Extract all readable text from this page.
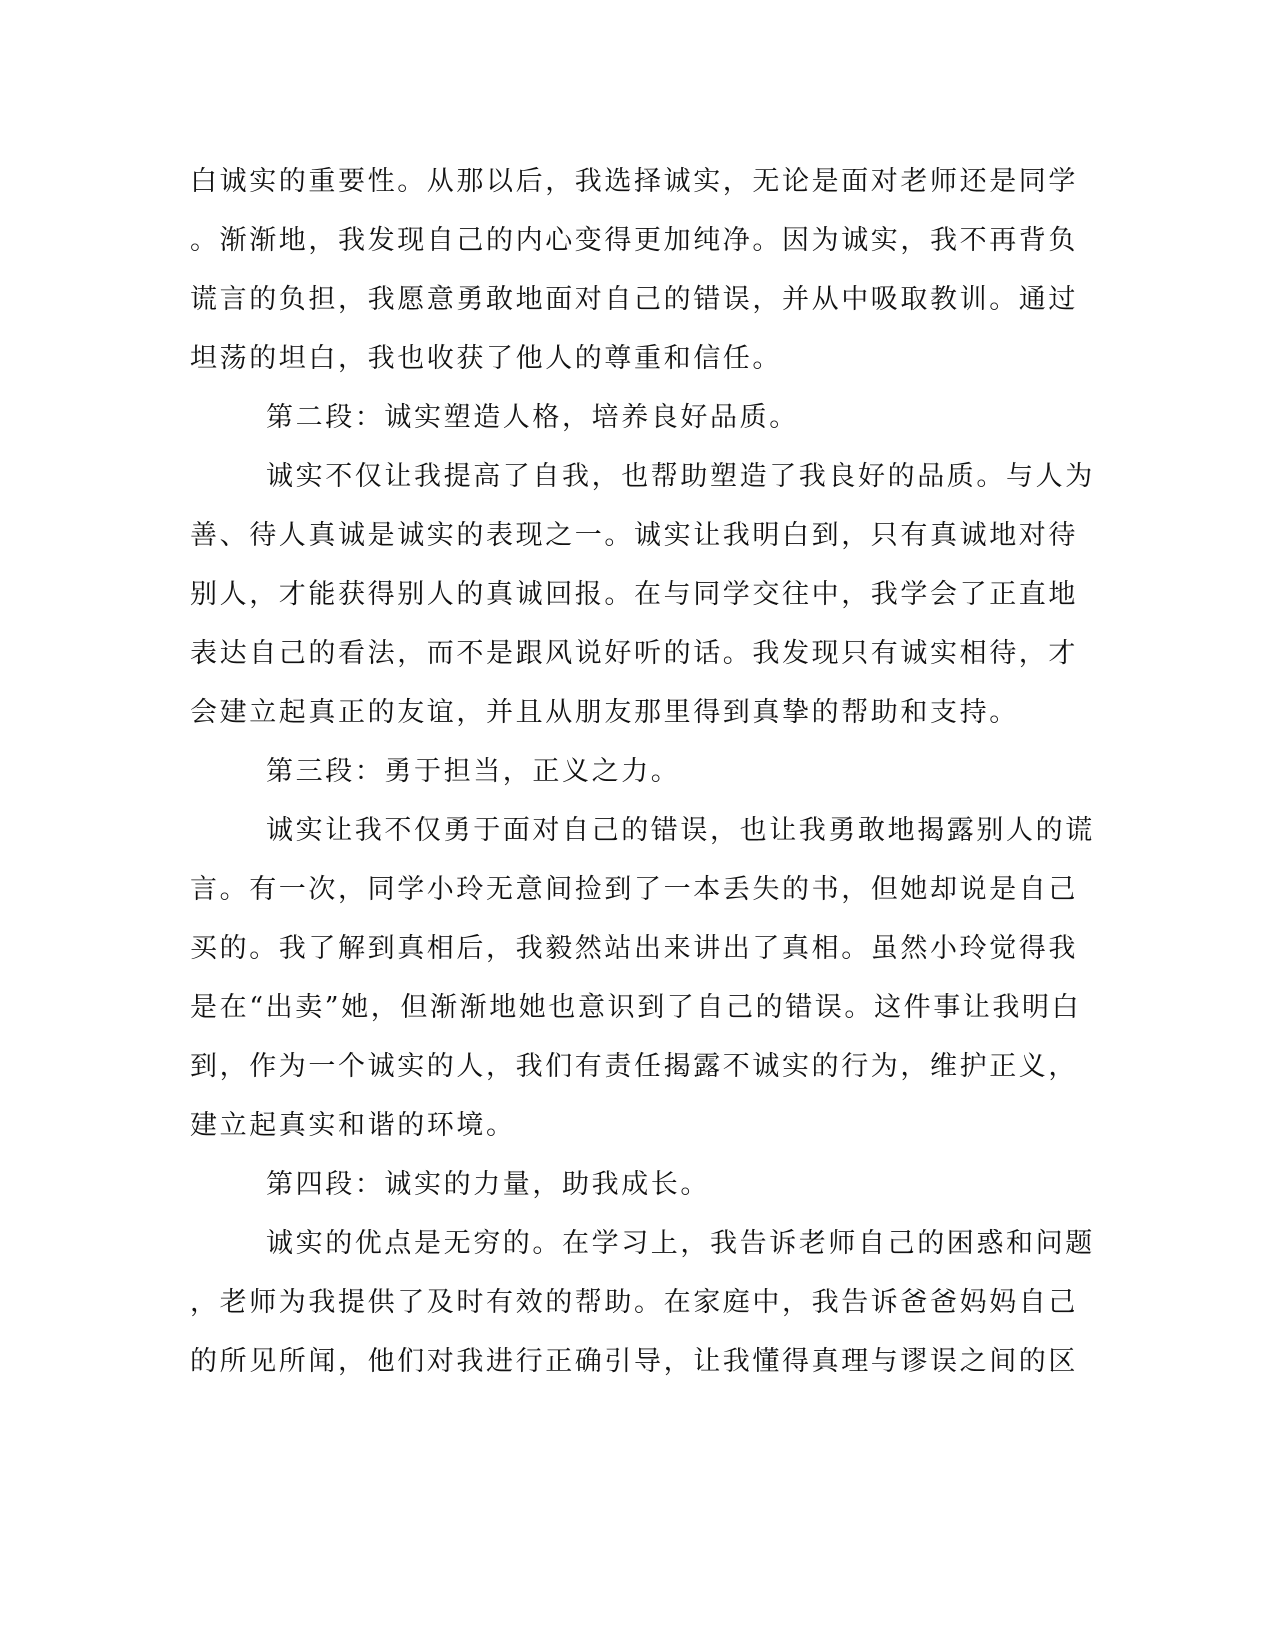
白诚实的重要性。从那以后，我选择诚实，无论是面对老师还是同学
。渐渐地，我发现自己的内心变得更加纯净。因为诚实，我不再背负
谎言的负担，我愿意勇敢地面对自己的错误，并从中吸取教训。通过
坦荡的坦白，我也收获了他人的尊重和信任。
第二段：诚实塑造人格，培养良好品质。
诚实不仅让我提高了自我，也帮助塑造了我良好的品质。与人为
善、待人真诚是诚实的表现之一。诚实让我明白到，只有真诚地对待
别人，才能获得别人的真诚回报。在与同学交往中，我学会了正直地
表达自己的看法，而不是跟风说好听的话。我发现只有诚实相待，才
会建立起真正的友谊，并且从朋友那里得到真挚的帮助和支持。
第三段：勇于担当，正义之力。
诚实让我不仅勇于面对自己的错误，也让我勇敢地揭露别人的谎
言。有一次，同学小玲无意间捡到了一本丢失的书，但她却说是自己
买的。我了解到真相后，我毅然站出来讲出了真相。虽然小玲觉得我
是在“出卖”她，但渐渐地她也意识到了自己的错误。这件事让我明白
到，作为一个诚实的人，我们有责任揭露不诚实的行为，维护正义，
建立起真实和谐的环境。
第四段：诚实的力量，助我成长。
诚实的优点是无穷的。在学习上，我告诉老师自己的困惑和问题
，老师为我提供了及时有效的帮助。在家庭中，我告诉爸爸妈妈自己
的所见所闻，他们对我进行正确引导，让我懂得真理与谬误之间的区
